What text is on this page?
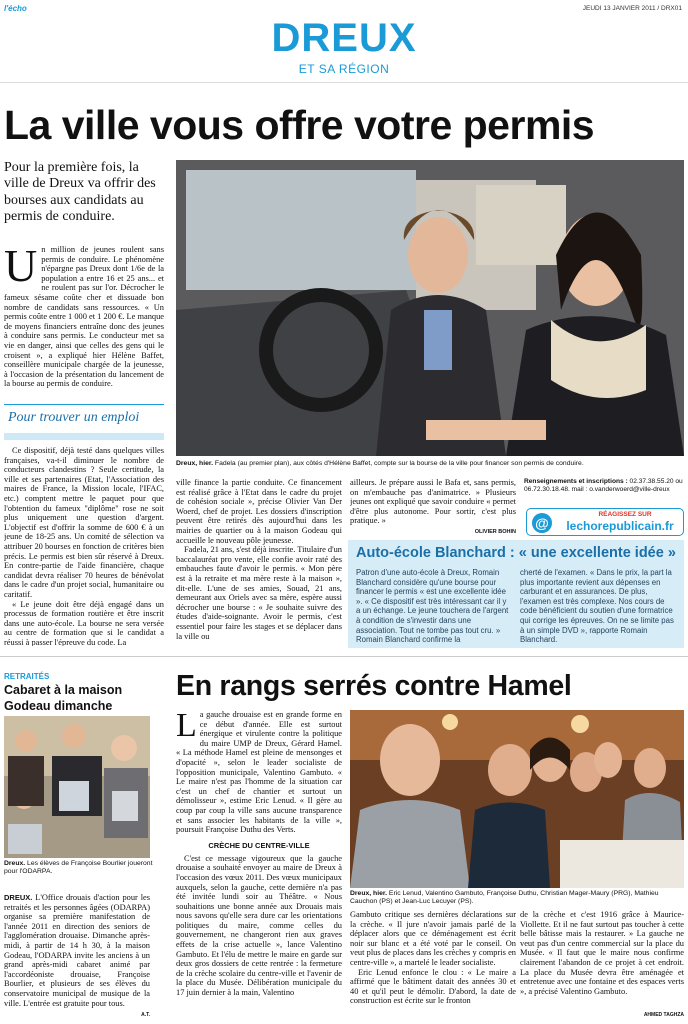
l'écho	JEUDI 13 JANVIER 2011 / DRX01
DREUX
ET SA RÉGION
La ville vous offre votre permis
Pour la première fois, la ville de Dreux va offrir des bourses aux candidats au permis de conduire.
U n million de jeunes roulent sans permis de conduire. Le phénomène n'épargne pas Dreux dont 1/6e de la population a entre 16 et 25 ans... et ne roulent pas sur l'or. Décrocher le fameux sésame coûte cher et dissuade bon nombre de candidats sans ressources. « Un permis coûte entre 1 000 et 1 200 €. Le manque de moyens financiers entraîne donc des jeunes à conduire sans permis. Le conducteur met sa vie en danger, ainsi que celles des gens qui le croisent », a expliqué hier Hélène Baffet, conseillère municipale chargée de la jeunesse, à l'occasion de la présentation du lancement de la bourse au permis de conduire.

Pour trouver un emploi

Ce dispositif, déjà testé dans quelques villes françaises, va-t-il diminuer le nombre de conducteurs clandestins ? Seule certitude, la ville et ses partenaires (Etat, l'Association des maires de France, la Mission locale, l'IFAC, etc.) comptent mettre le paquet pour que l'obtention du fameux "diplôme" rose ne soit plus uniquement une question d'argent. L'objectif est d'offrir la somme de 600 € à un jeune de 18-25 ans. Un comité de sélection va attribuer 20 bourses en fonction de critères bien précis. Le permis est bien sûr réservé à Dreux. En contre-partie de l'aide financière, chaque candidat devra réaliser 70 heures de bénévolat dans le cadre d'un projet social, humanitaire ou caritatif.

« Le jeune doit être déjà engagé dans un processus de formation routière et être inscrit dans une auto-école. La bourse ne sera versée au centre de formation que si le candidat a réussi à passer l'épreuve du code. La

Dreux, hier. Fadela (au premier plan), aux côtés d'Hélène Baffet, compte sur la bourse de la ville pour financer son permis de conduire.

ville finance la partie conduite. Ce financement est réalisé grâce à l'Etat dans le cadre du projet de cohésion sociale », précise Olivier Van Der Woerd, chef de projet. Les dossiers d'inscription peuvent être retirés dès aujourd'hui dans les mairies de quartier ou à la maison Godeau qui accueille le nouveau pôle jeunesse.

Fadela, 21 ans, s'est déjà inscrite. Titulaire d'un baccalauréat pro vente, elle confie avoir raté des embauches faute d'avoir le permis. « Mon père est à la retraite et ma mère reste à la maison », dit-elle. L'une de ses amies, Souad, 21 ans, demeurant aux Oriels avec sa mère, espère aussi décrocher une bourse : « Je souhaite suivre des études d'aide-soignante. Avoir le permis, c'est essentiel pour faire les stages et se déplacer dans la ville ou

ailleurs. Je prépare aussi le Bafa et, sans permis, on m'embauche pas d'animatrice. » Plusieurs jeunes ont expliqué que savoir conduire « permet d'être plus autonome. Pour sortir, c'est plus pratique. »

OLIVIER BOHIN
Renseignements et inscriptions : 02.37.38.55.20 ou 06.72.30.18.48. mail : o.vanderwoerd@ville-dreux
@
RÉAGISSEZ SUR
lechorepublicain.fr
Auto-école Blanchard : « une excellente idée »

Patron d'une auto-école à Dreux, Romain Blanchard considère qu'une bourse pour financer le permis « est une excellente idée ». « Ce dispositif est très intéressant car il y a un échange. Le jeune touchera de l'argent à condition de s'investir dans une association. Tout ne tombe pas tout cru. » Romain Blanchard confirme la

cherté de l'examen. « Dans le prix, la part la plus importante revient aux dépenses en carburant et en assurances. De plus, l'examen est très complexe. Nos cours de code bénéficient du soutien d'une formatrice qui corrige les épreuves. On ne se limite pas à un simple DVD », rapporte Romain Blanchard.

RETRAITÉS
Cabaret à la maison Godeau dimanche
Dreux. Les élèves de Françoise Bourlier joueront pour l'ODARPA.

DREUX. L'Office drouais d'action pour les retraités et les personnes âgées (ODARPA) organise sa première manifestation de l'année 2011 en direction des seniors de l'agglomération drouaise. Dimanche après-midi, à partir de 14 h 30, à la maison Godeau, l'ODARPA invite les anciens à un grand après-midi cabaret animé par l'accordéoniste drouaise, Françoise Bourlier, et plusieurs de ses élèves du conservatoire municipal de musique de la ville. L'entrée est gratuite pour tous.

A.T.
En rangs serrés contre Hamel
L a gauche drouaise est en grande forme en ce début d'année. Elle est surtout énergique et virulente contre la politique du maire UMP de Dreux, Gérard Hamel. « La méthode Hamel est pleine de mensonges et d'opacité », selon le leader socialiste de l'opposition municipale, Valentino Gambuto. « Le maire n'est pas l'homme de la situation car c'est un chef de chantier et surtout un démolisseur », estime Eric Lenud. « Il gère au coup par coup la ville sans aucune transparence et sans associer les habitants de la ville », poursuit Françoise Duthu des Verts.

CRÈCHE DU CENTRE-VILLE

C'est ce message vigoureux que la gauche drouaise a souhaité envoyer au maire de Dreux à l'occasion des vœux 2011. Des vœux municipaux auxquels, selon la gauche, cette dernière n'a pas été invitée lundi soir au Théâtre. « Nous souhaitions une bonne année aux Drouais mais nous savons qu'elle sera dure car les orientations politiques du maire, comme celles du gouvernement, ne changeront rien aux graves effets de la crise actuelle », lance Valentino Gambuto. Et l'élu de mettre le maire en garde sur deux gros dossiers de cette rentrée : la fermeture de la crèche scolaire du centre-ville et l'avenir de la place du Musée. Délibération municipale du 17 juin dernier à la main, Valentino

Dreux, hier. Eric Lenud, Valentino Gambuto, Françoise Duthu, Christian Mager-Maury (PRG), Mathieu Cauchon (PS) et Jean-Luc Lecuyer (PS).
AHMED TAGHZA

Gambuto critique ses dernières déclarations sur la crèche. « Il jure n'avoir jamais parlé de la déplacer alors que ce déménagement est écrit noir sur blanc et a été voté par le conseil. On veut plus de places dans les crèches y compris en centre-ville », a martelé le leader socialiste.

Eric Lenud enfonce le clou : « Le maire a affirmé que le bâtiment datait des années 30 et 40 et qu'il peut le démolir. D'abord, la date de construction est écrite sur le fronton

de la crèche et c'est 1916 grâce à Maurice-Viollette. Et il ne faut surtout pas toucher à cette belle bâtisse mais la restaurer. » La gauche ne veut pas d'un centre commercial sur la place du Musée. « Il faut que le maire nous confirme clairement l'abandon de ce projet à cet endroit. La place du Musée devra être aménagée et entretenue avec une fontaine et des espaces verts », a précisé Valentino Gambuto.
